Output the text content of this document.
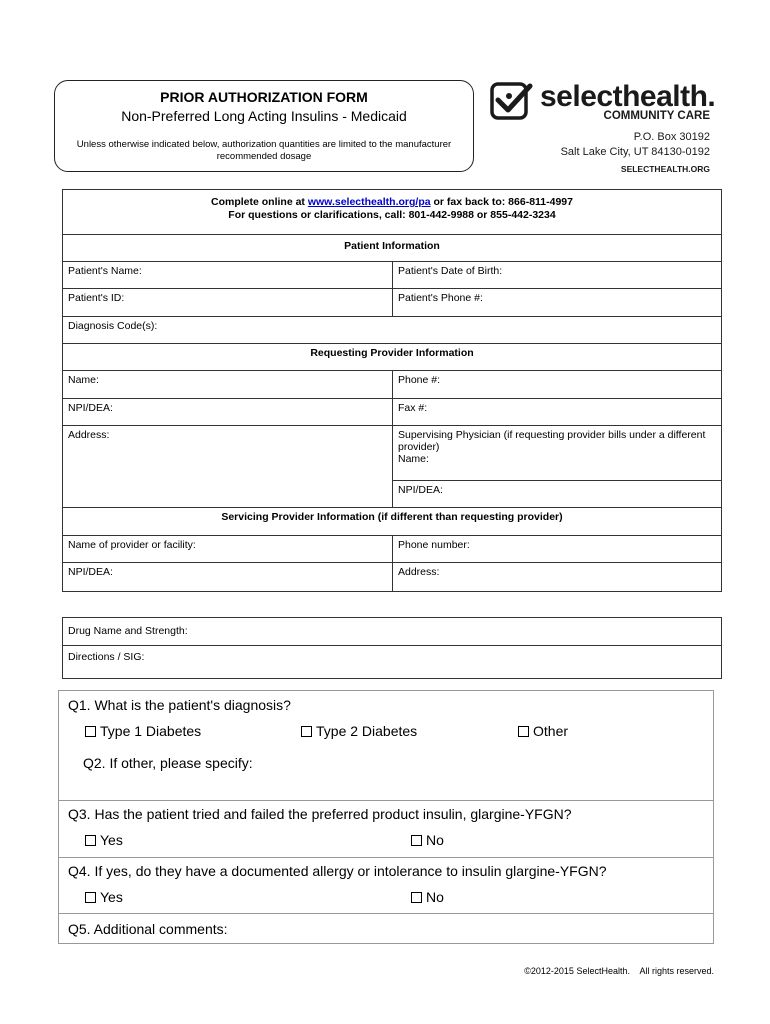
PRIOR AUTHORIZATION FORM
Non-Preferred Long Acting Insulins - Medicaid
Unless otherwise indicated below, authorization quantities are limited to the manufacturer recommended dosage
selecthealth.
COMMUNITY CARE
P.O. Box 30192
Salt Lake City, UT 84130-0192
SELECTHEALTH.ORG
Complete online at www.selecthealth.org/pa or fax back to: 866-811-4997
For questions or clarifications, call: 801-442-9988 or 855-442-3234
Patient Information
Patient's Name:	Patient's Date of Birth:
Patient's ID:	Patient's Phone #:
Diagnosis Code(s):
Requesting Provider Information
Name:	Phone #:
NPI/DEA:	Fax #:
Address:	Supervising Physician (if requesting provider bills under a different provider)
Name:
NPI/DEA:
Servicing Provider Information (if different than requesting provider)
Name of provider or facility:	Phone number:
NPI/DEA:	Address:
Drug Name and Strength:
Directions / SIG:
Q1. What is the patient's diagnosis?
Type 1 Diabetes	Type 2 Diabetes	Other
Q2. If other, please specify:
Q3. Has the patient tried and failed the preferred product insulin, glargine-YFGN?
Yes	No
Q4. If yes, do they have a documented allergy or intolerance to insulin glargine-YFGN?
Yes	No
Q5. Additional comments:
©2012-2015 SelectHealth.    All rights reserved.
